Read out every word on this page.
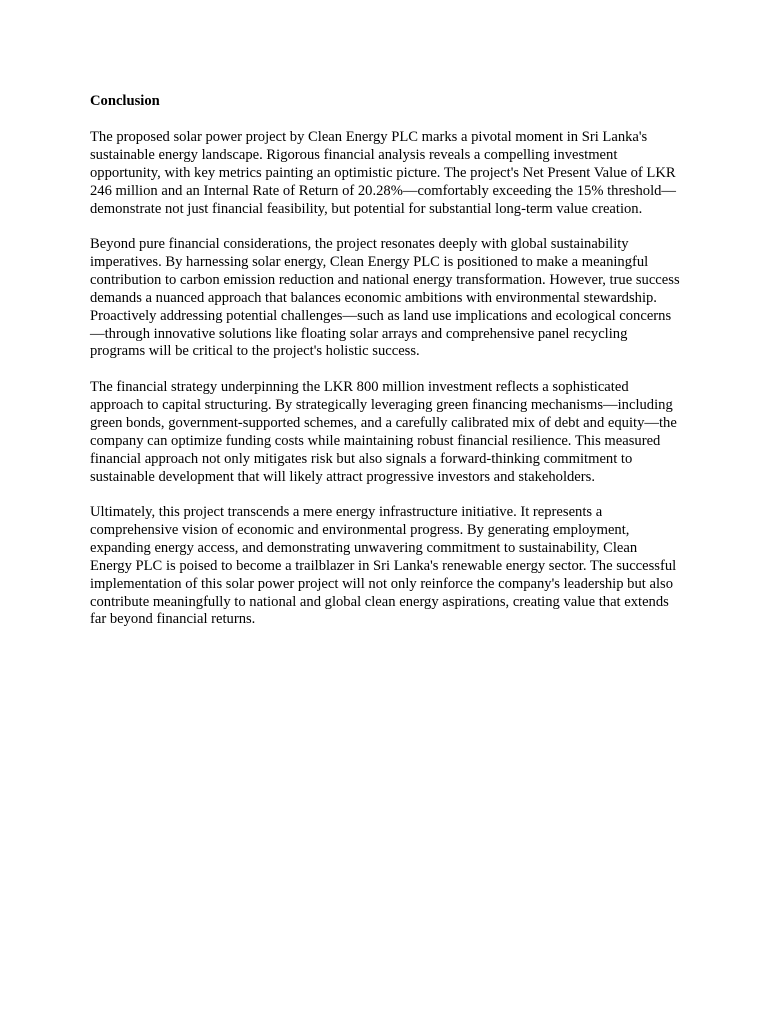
Conclusion

The proposed solar power project by Clean Energy PLC marks a pivotal moment in Sri Lanka's sustainable energy landscape. Rigorous financial analysis reveals a compelling investment opportunity, with key metrics painting an optimistic picture. The project's Net Present Value of LKR 246 million and an Internal Rate of Return of 20.28%—comfortably exceeding the 15% threshold—demonstrate not just financial feasibility, but potential for substantial long-term value creation.

Beyond pure financial considerations, the project resonates deeply with global sustainability imperatives. By harnessing solar energy, Clean Energy PLC is positioned to make a meaningful contribution to carbon emission reduction and national energy transformation. However, true success demands a nuanced approach that balances economic ambitions with environmental stewardship. Proactively addressing potential challenges—such as land use implications and ecological concerns—through innovative solutions like floating solar arrays and comprehensive panel recycling programs will be critical to the project's holistic success.

The financial strategy underpinning the LKR 800 million investment reflects a sophisticated approach to capital structuring. By strategically leveraging green financing mechanisms—including green bonds, government-supported schemes, and a carefully calibrated mix of debt and equity—the company can optimize funding costs while maintaining robust financial resilience. This measured financial approach not only mitigates risk but also signals a forward-thinking commitment to sustainable development that will likely attract progressive investors and stakeholders.

Ultimately, this project transcends a mere energy infrastructure initiative. It represents a comprehensive vision of economic and environmental progress. By generating employment, expanding energy access, and demonstrating unwavering commitment to sustainability, Clean Energy PLC is poised to become a trailblazer in Sri Lanka's renewable energy sector. The successful implementation of this solar power project will not only reinforce the company's leadership but also contribute meaningfully to national and global clean energy aspirations, creating value that extends far beyond financial returns.
